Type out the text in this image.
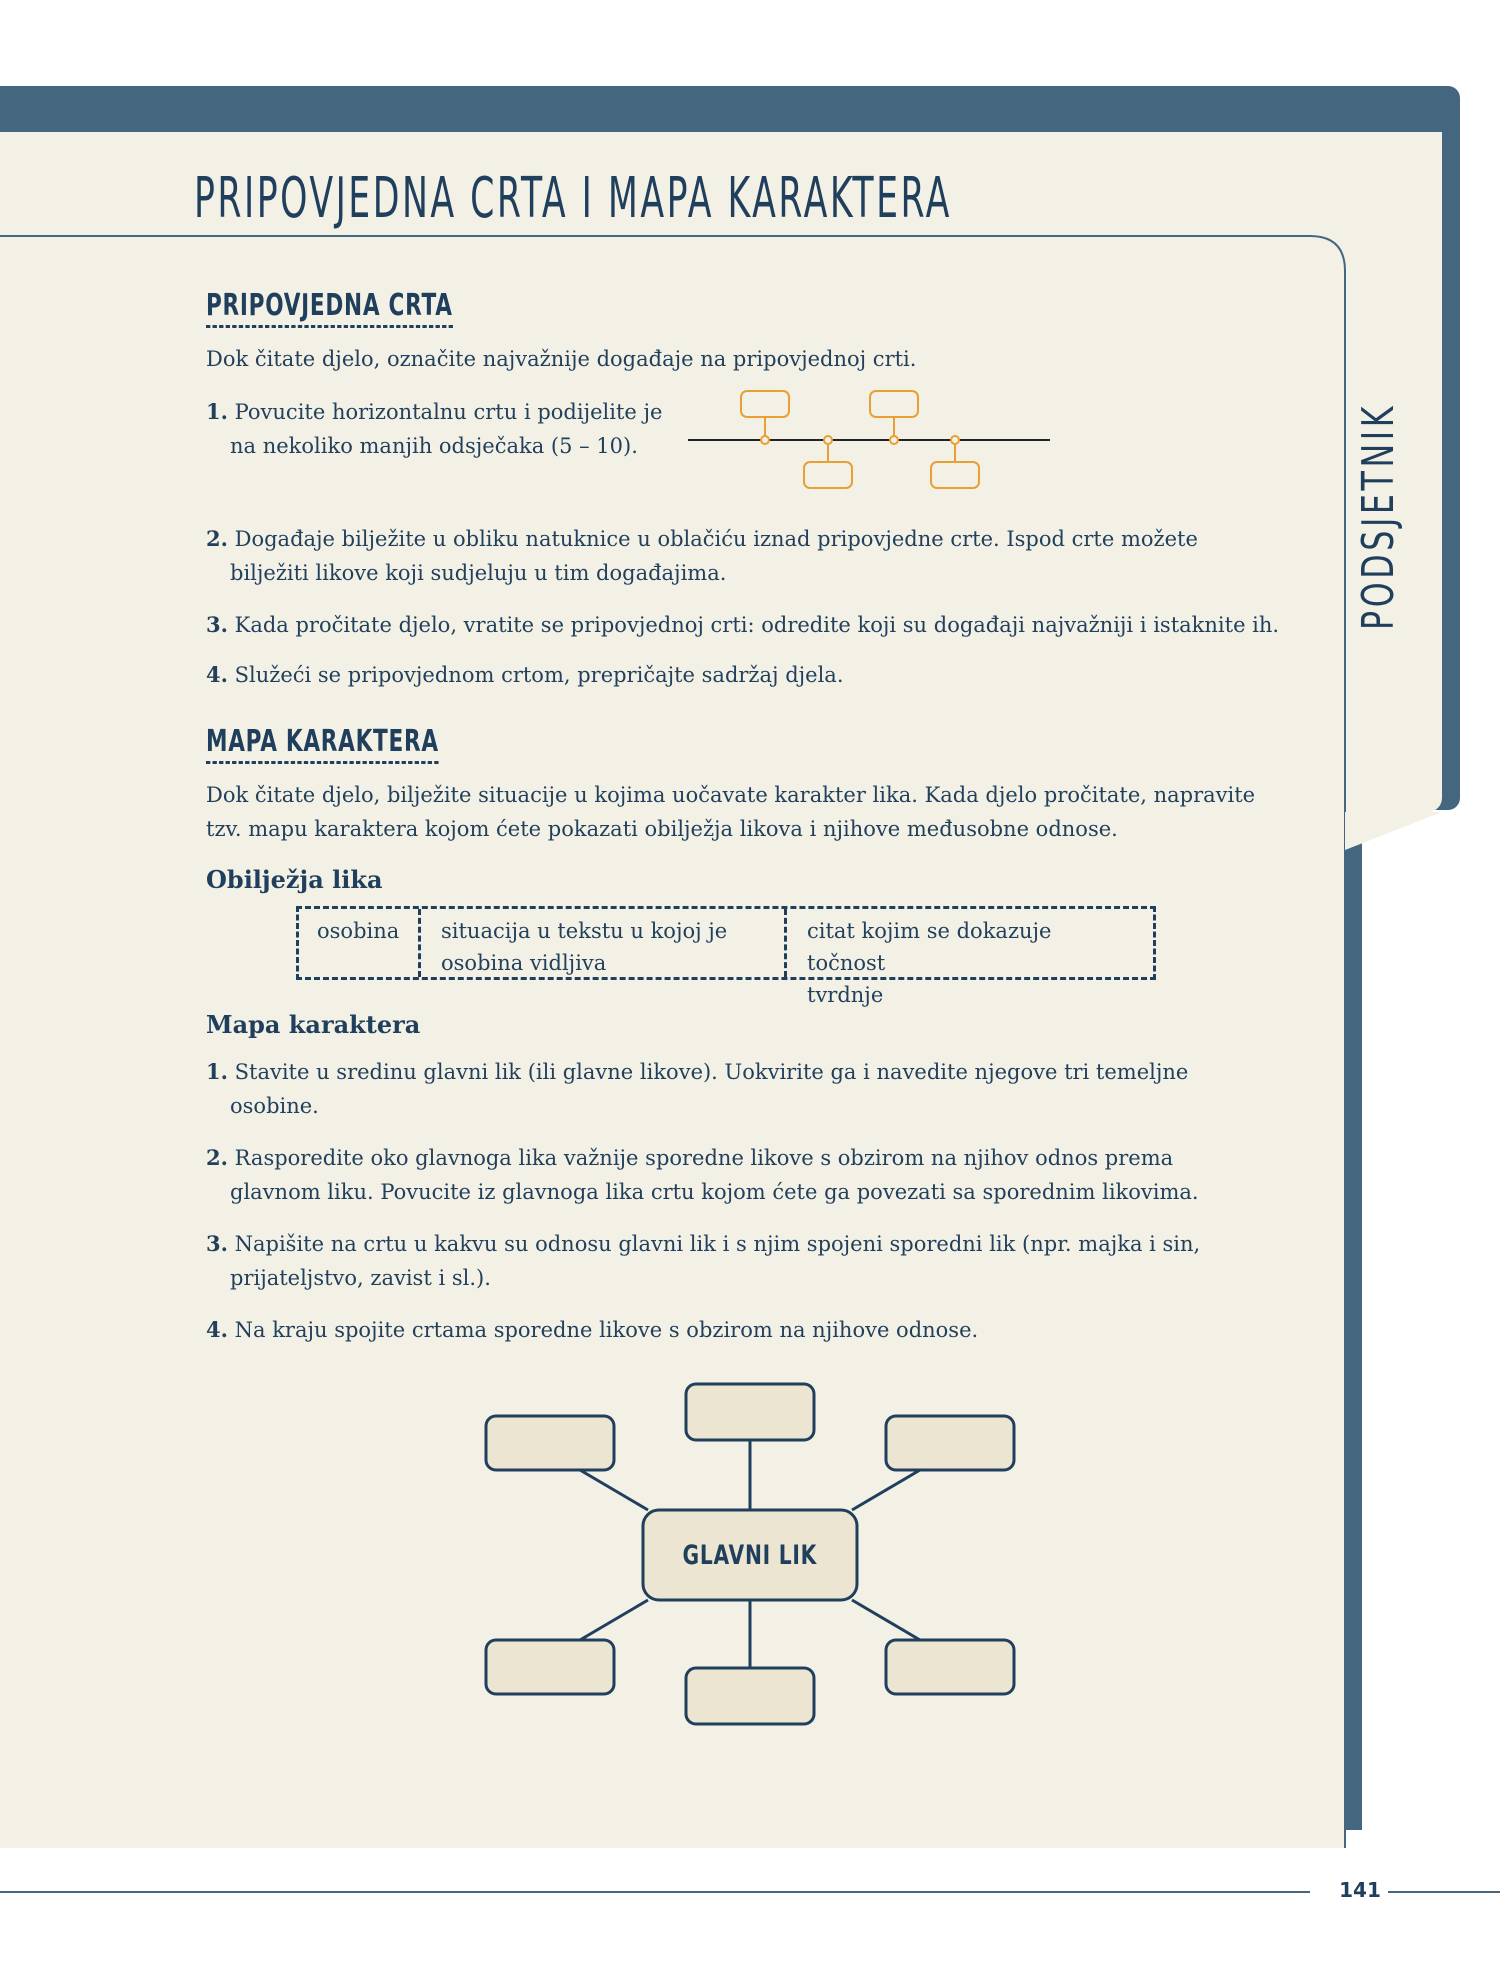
PRIPOVJEDNA CRTA I MAPA KARAKTERA
PODSJETNIK
PRIPOVJEDNA CRTA
Dok čitate djelo, označite najvažnije događaje na pripovjednoj crti.
1. Povucite horizontalnu crtu i podijelite je
na nekoliko manjih odsječaka (5 – 10).
2. Događaje bilježite u obliku natuknice u oblačiću iznad pripovjedne crte. Ispod crte možete
bilježiti likove koji sudjeluju u tim događajima.
3. Kada pročitate djelo, vratite se pripovjednoj crti: odredite koji su događaji najvažniji i istaknite ih.
4. Služeći se pripovjednom crtom, prepričajte sadržaj djela.
MAPA KARAKTERA
Dok čitate djelo, bilježite situacije u kojima uočavate karakter lika. Kada djelo pročitate, napravite
tzv. mapu karaktera kojom ćete pokazati obilježja likova i njihove međusobne odnose.
Obilježja lika
osobina	situacija u tekstu u kojoj je
osobina vidljiva
citat kojim se dokazuje točnost
tvrdnje
Mapa karaktera
1. Stavite u sredinu glavni lik (ili glavne likove). Uokvirite ga i navedite njegove tri temeljne
osobine.
2. Rasporedite oko glavnoga lika važnije sporedne likove s obzirom na njihov odnos prema
glavnom liku. Povucite iz glavnoga lika crtu kojom ćete ga povezati sa sporednim likovima.
3. Napišite na crtu u kakvu su odnosu glavni lik i s njim spojeni sporedni lik (npr. majka i sin,
prijateljstvo, zavist i sl.).
4. Na kraju spojite crtama sporedne likove s obzirom na njihove odnose.
GLAVNI LIK
141
